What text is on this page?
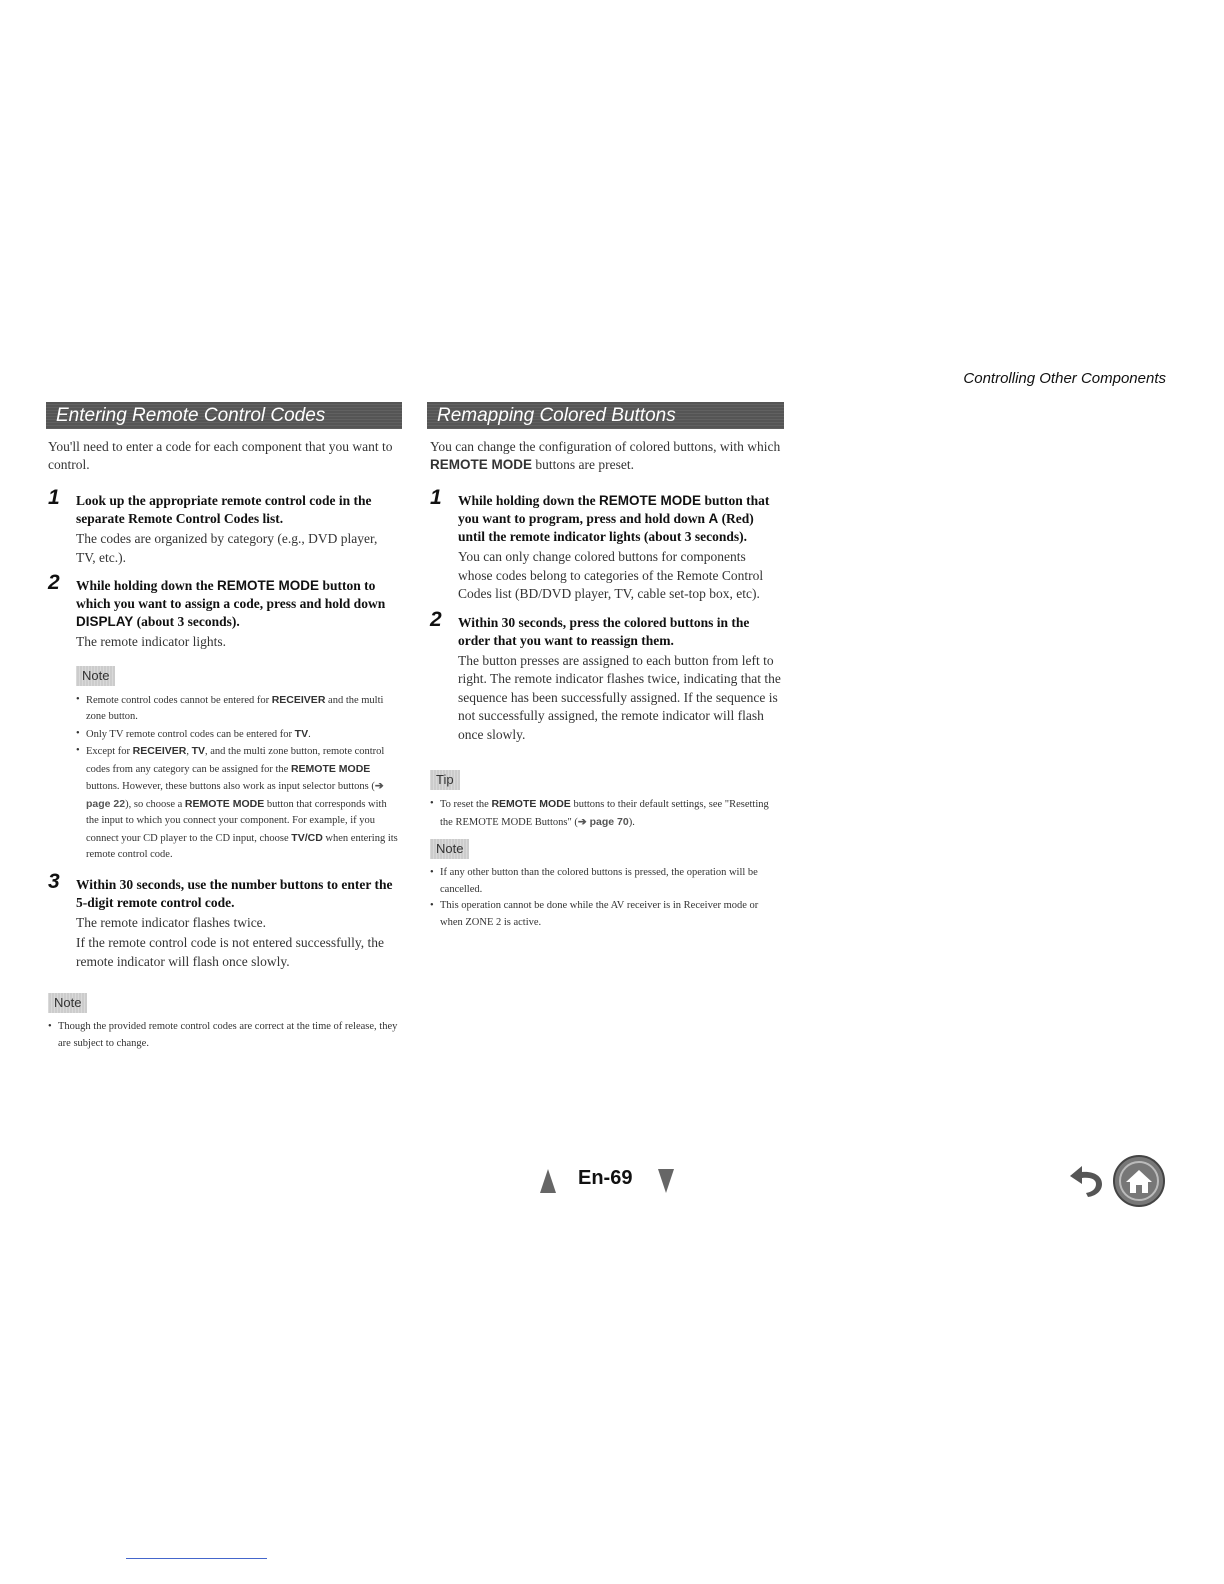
Controlling Other Components
Entering Remote Control Codes

You'll need to enter a code for each component that you want to control.

1 Look up the appropriate remote control code in the separate Remote Control Codes list.

The codes are organized by category (e.g., DVD player, TV, etc.).

2 While holding down the REMOTE MODE button to which you want to assign a code, press and hold down DISPLAY (about 3 seconds).

The remote indicator lights.

Note
• Remote control codes cannot be entered for RECEIVER and the multi zone button.
• Only TV remote control codes can be entered for TV.
• Except for RECEIVER, TV, and the multi zone button, remote control codes from any category can be assigned for the REMOTE MODE buttons. However, these buttons also work as input selector buttons (➔ page 22), so choose a REMOTE MODE button that corresponds with the input to which you connect your component. For example, if you connect your CD player to the CD input, choose TV/CD when entering its remote control code.
3 Within 30 seconds, use the number buttons to enter the 5-digit remote control code.

The remote indicator flashes twice.

If the remote control code is not entered successfully, the remote indicator will flash once slowly.

Note
• Though the provided remote control codes are correct at the time of release, they are subject to change.
Remapping Colored Buttons

You can change the configuration of colored buttons, with which REMOTE MODE buttons are preset.

1 While holding down the REMOTE MODE button that you want to program, press and hold down A (Red) until the remote indicator lights (about 3 seconds).

You can only change colored buttons for components whose codes belong to categories of the Remote Control Codes list (BD/DVD player, TV, cable set-top box, etc).

2 Within 30 seconds, press the colored buttons in the order that you want to reassign them.

The button presses are assigned to each button from left to right. The remote indicator flashes twice, indicating that the sequence has been successfully assigned. If the sequence is not successfully assigned, the remote indicator will flash once slowly.

Tip
• To reset the REMOTE MODE buttons to their default settings, see "Resetting the REMOTE MODE Buttons" (➔ page 70).
Note
• If any other button than the colored buttons is pressed, the operation will be cancelled.
• This operation cannot be done while the AV receiver is in Receiver mode or when ZONE 2 is active.
En-69
